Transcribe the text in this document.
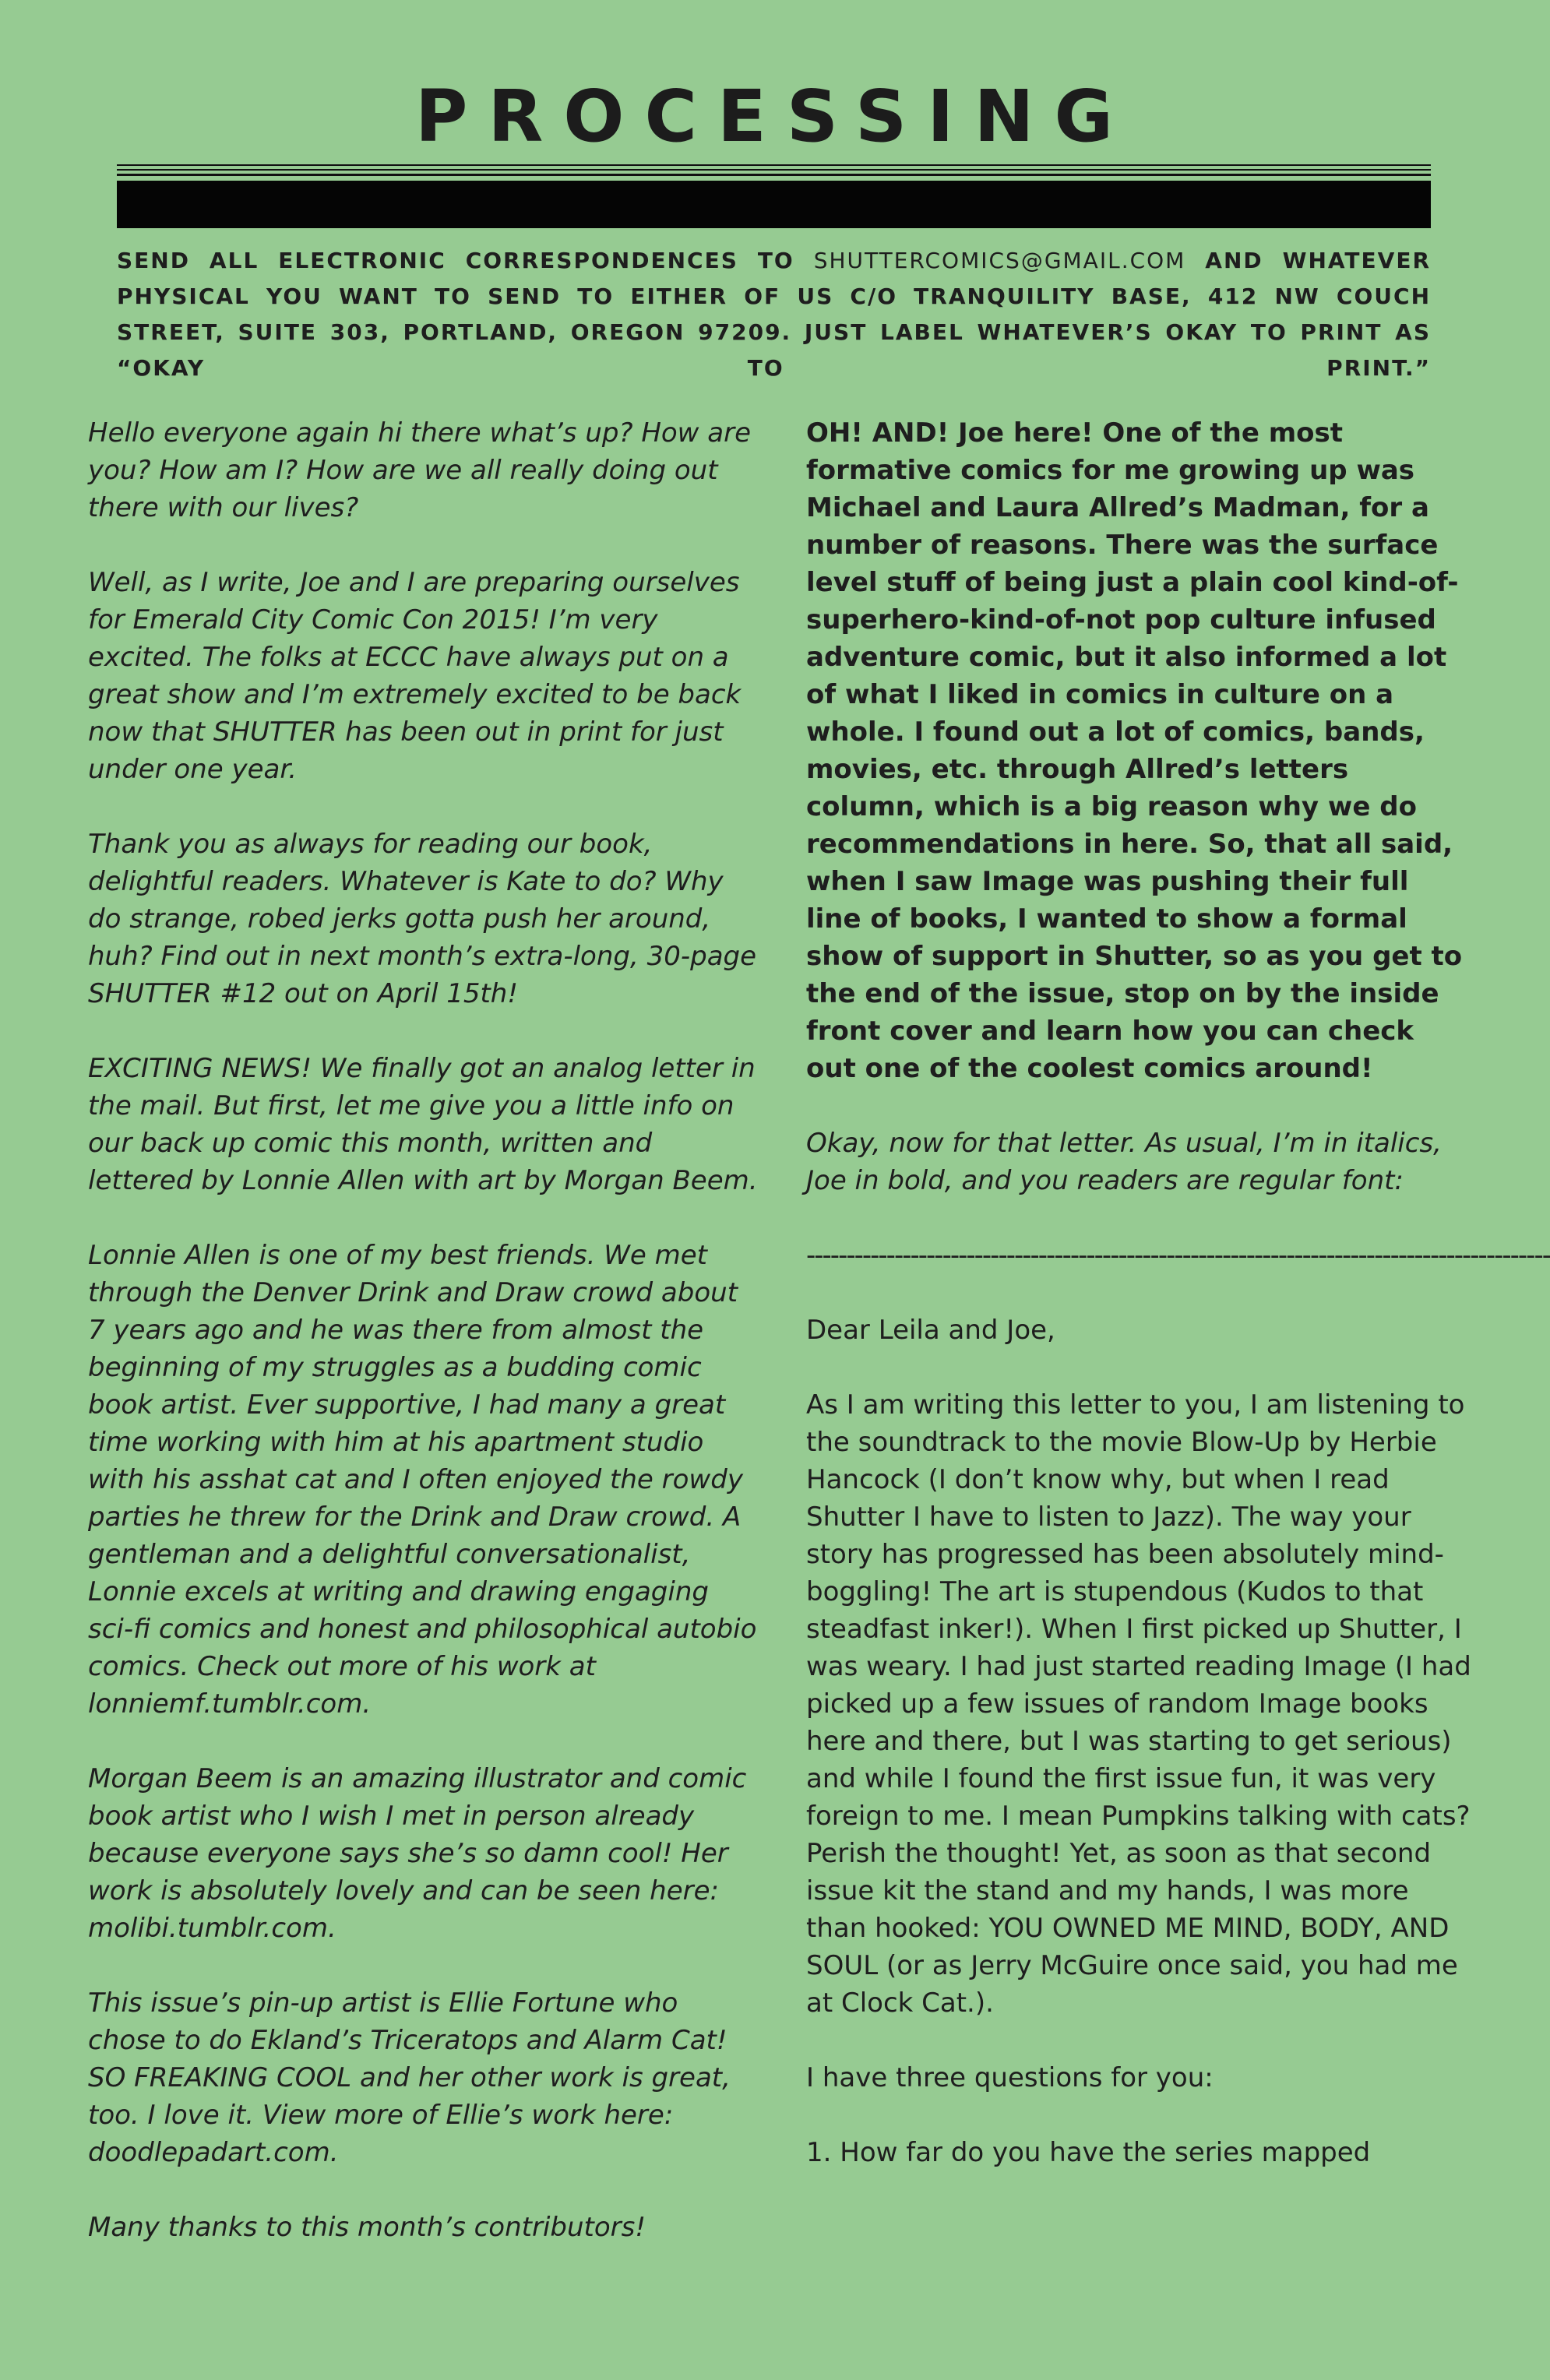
PROCESSING
SEND ALL ELECTRONIC CORRESPONDENCES TO SHUTTERCOMICS@GMAIL.COM AND WHATEVER PHYSICAL YOU WANT TO SEND TO EITHER OF US C/O TRANQUILITY BASE, 412 NW COUCH STREET, SUITE 303, PORTLAND, OREGON 97209. JUST LABEL WHATEVER’S OKAY TO PRINT AS “OKAY TO PRINT.”

Hello everyone again hi there what’s up? How are you? How am I? How are we all really doing out there with our lives?

Well, as I write, Joe and I are preparing ourselves for Emerald City Comic Con 2015! I’m very excited. The folks at ECCC have always put on a great show and I’m extremely excited to be back now that SHUTTER has been out in print for just under one year.

Thank you as always for reading our book, delightful readers. Whatever is Kate to do? Why do strange, robed jerks gotta push her around, huh? Find out in next month’s extra-long, 30-page SHUTTER #12 out on April 15th!

EXCITING NEWS! We finally got an analog letter in the mail. But first, let me give you a little info on our back up comic this month, written and lettered by Lonnie Allen with art by Morgan Beem.

Lonnie Allen is one of my best friends. We met through the Denver Drink and Draw crowd about 7 years ago and he was there from almost the beginning of my struggles as a budding comic book artist. Ever supportive, I had many a great time working with him at his apartment studio with his asshat cat and I often enjoyed the rowdy parties he threw for the Drink and Draw crowd. A gentleman and a delightful conversationalist, Lonnie excels at writing and drawing engaging sci-fi comics and honest and philosophical autobio comics. Check out more of his work at lonniemf.tumblr.com.

Morgan Beem is an amazing illustrator and comic book artist who I wish I met in person already because everyone says she’s so damn cool! Her work is absolutely lovely and can be seen here: molibi.tumblr.com.

This issue’s pin-up artist is Ellie Fortune who chose to do Ekland’s Triceratops and Alarm Cat! SO FREAKING COOL and her other work is great, too. I love it. View more of Ellie’s work here: doodlepadart.com.

Many thanks to this month’s contributors!

OH! AND! Joe here! One of the most formative comics for me growing up was Michael and Laura Allred’s Madman, for a number of reasons. There was the surface level stuff of being just a plain cool kind-of-superhero-kind-of-not pop culture infused adventure comic, but it also informed a lot of what I liked in comics in culture on a whole. I found out a lot of comics, bands, movies, etc. through Allred’s letters column, which is a big reason why we do recommendations in here. So, that all said, when I saw Image was pushing their full line of books, I wanted to show a formal show of support in Shutter, so as you get to the end of the issue, stop on by the inside front cover and learn how you can check out one of the coolest comics around!

Okay, now for that letter. As usual, I’m in italics, Joe in bold, and you readers are regular font:

---------------------------------------------------------------------------------------------

Dear Leila and Joe,

As I am writing this letter to you, I am listening to the soundtrack to the movie Blow-Up by Herbie Hancock (I don’t know why, but when I read Shutter I have to listen to Jazz). The way your story has progressed has been absolutely mind-boggling! The art is stupendous (Kudos to that steadfast inker!). When I first picked up Shutter, I was weary. I had just started reading Image (I had picked up a few issues of random Image books here and there, but I was starting to get serious) and while I found the first issue fun, it was very foreign to me. I mean Pumpkins talking with cats? Perish the thought! Yet, as soon as that second issue kit the stand and my hands, I was more than hooked: YOU OWNED ME MIND, BODY, AND SOUL (or as Jerry McGuire once said, you had me at Clock Cat.).

I have three questions for you:

1. How far do you have the series mapped
